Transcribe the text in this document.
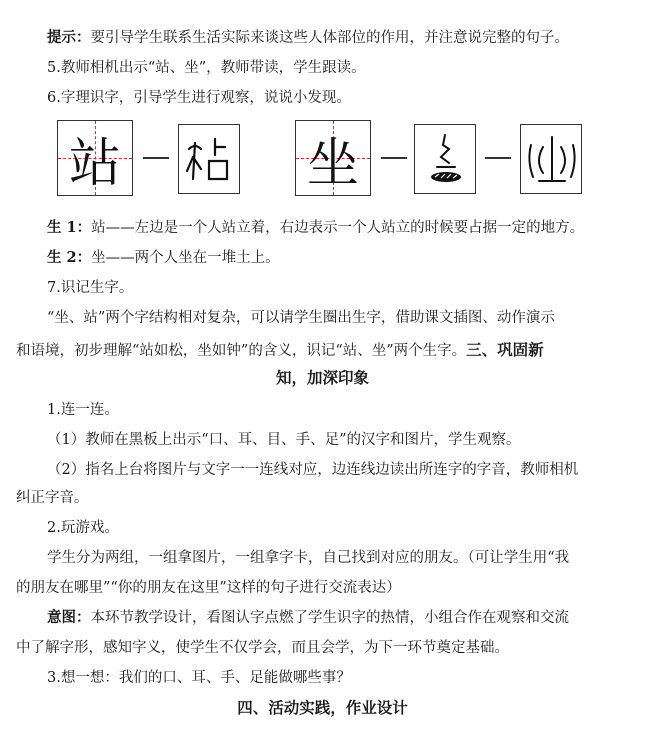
提示：要引导学生联系生活实际来谈这些人体部位的作用，并注意说完整的句子。
5.教师相机出示“站、坐”，教师带读，学生跟读。
6.字理识字，引导学生进行观察，说说小发现。
站	坐
生 1：站——左边是一个人站立着，右边表示一个人站立的时候要占据一定的地方。
生 2：坐——两个人坐在一堆土上。
7.识记生字。
“坐、站”两个字结构相对复杂，可以请学生圈出生字，借助课文插图、动作演示
和语境，初步理解“站如松，坐如钟”的含义，识记“站、坐”两个生字。三、巩固新
知，加深印象
1.连一连。
（1）教师在黑板上出示“口、耳、目、手、足”的汉字和图片，学生观察。
（2）指名上台将图片与文字一一连线对应，边连线边读出所连字的字音，教师相机
纠正字音。
2.玩游戏。
学生分为两组，一组拿图片，一组拿字卡，自己找到对应的朋友。（可让学生用“我
的朋友在哪里”“你的朋友在这里”这样的句子进行交流表达）
意图：本环节教学设计，看图认字点燃了学生识字的热情，小组合作在观察和交流
中了解字形，感知字义，使学生不仅学会，而且会学，为下一环节奠定基础。
3.想一想：我们的口、耳、手、足能做哪些事？
四、活动实践，作业设计
